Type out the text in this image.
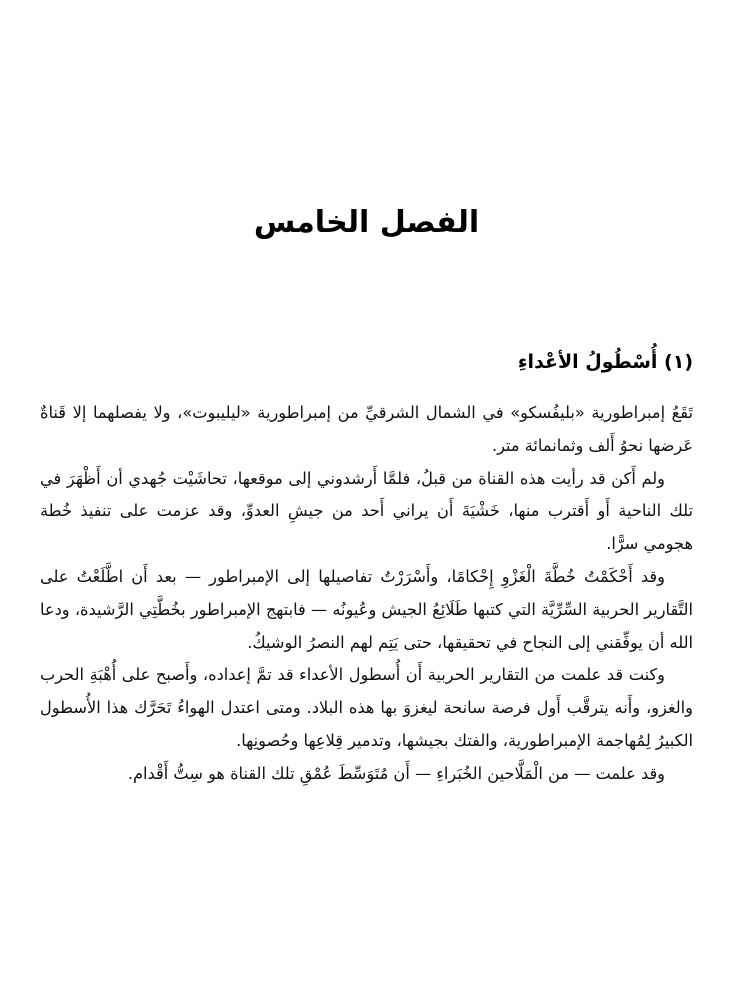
الفصل الخامس
(١) أُسْطُولُ الأعْداءِ

تَقَعُ إمبراطورية «بليفُسكو» في الشمال الشرقيِّ من إمبراطورية «ليليبوت»، ولا يفصلهما إلا قَناةٌ عَرضها نحوُ أَلف وثمانمائة متر.

ولم أَكن قد رأيت هذه القناة من قبلُ، فلمَّا أَرشدوني إلى موقعها، تحاشَيْت جُهدي أن أَظْهَرَ في تلك الناحية أَو أَقترب منها، خَشْيَةَ أَن يراني أَحد من جيشِ العدوِّ، وقد عزمت على تنفيذ خُطة هجومي سرًّا.

وقد أَحْكَمْتُ خُطَّةَ الْغَزْوِ إِحْكامًا، وأَسْرَرْتُ تفاصيلها إلى الإمبراطور — بعد أَن اطَّلَعْتُ على التَّقارير الحربية السِّرِّيَّة التي كتبها طَلَائِعُ الجيش وعُيونُه — فابتهج الإمبراطور بخُطَّتِي الرَّشيدة، ودعا الله أن يوفِّقني إلى النجاح في تحقيقها، حتى يَتِم لهم النصرُ الوشيكُ.

وكنت قد علمت من التقارير الحربية أَن أُسطول الأعداء قد تمَّ إعداده، وأَصبح على أُهْبَةِ الحرب والغزو، وأَنه يترقَّب أَول فرصة سانحة ليغزوَ بها هذه البلاد. ومتى اعتدل الهواءُ تَحَرَّك هذا الأُسطول الكبيرُ لِمُهاجمة الإمبراطورية، والفتك بجيشها، وتدمير قِلاعِها وحُصونِها.

وقد علمت — من الْمَلَّاحين الخُبَراءِ — أَن مُتَوَسِّطَ عُمْقِ تلك القناة هو سِتُّ أَقْدام.
